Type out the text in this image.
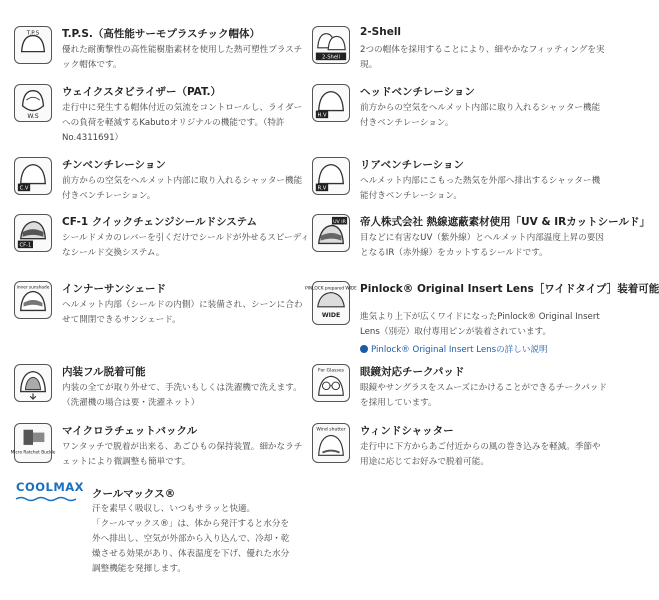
T.P.S T.P.S.（高性能サーモプラスチック帽体）
優れた耐衝撃性の高性能樹脂素材を使用した熱可塑性プラスチック帽体です。
W.S
ウェイクスタビライザー（PAT.）
走行中に発生する帽体付近の気流をコントロールし、ライダーへの負荷を軽減するKabutoオリジナルの機能です。（特許No.4311691）
C.V
チンベンチレーション
前方からの空気をヘルメット内部に取り入れるシャッター機能付きベンチレーション。
CF-1
CF-1 クイックチェンジシールドシステム
シールドメカのレバーを引くだけでシールドが外せるスピーディなシールド交換システム。
inner sunshade インナーサンシェード
ヘルメット内部（シールドの内側）に装備され、シーンに合わせて開閉できるサンシェード。
内装フル脱着可能
内装の全てが取り外せて、手洗いもしくは洗濯機で洗えます。（洗濯機の場合は要・洗濯ネット）
Micro Ratchet Buckle
マイクロラチェットバックル
ワンタッチで脱着が出来る、あごひもの保持装置。細かなラチェットにより微調整も簡単です。
2-Shell
2-Shell
2つの帽体を採用することにより、細やかなフィッティングを実現。
H.V
ヘッドベンチレーション
前方からの空気をヘルメット内部に取り入れるシャッター機能付きベンチレーション。
R.V
リアベンチレーション
ヘルメット内部にこもった熱気を外部へ排出するシャッター機能付きベンチレーション。
UV IR 帝人株式会社 熱線遮蔽素材使用「UV & IRカットシールド」
目などに有害なUV（紫外線）とヘルメット内部温度上昇の要因となるIR（赤外線）をカットするシールドです。
PINLOCK prepared WIDE
WIDE
Pinlock® Original Insert Lens［ワイドタイプ］装着可能
進気より上下が広くワイドになったPinlock® Original Insert Lens（別売）取付専用ピンが装着されています。
Pinlock® Original Insert Lensの詳しい説明
For Glasses 眼鏡対応チークパッド
眼鏡やサングラスをスムーズにかけることができるチークパッドを採用しています。
Wind shutter ウィンドシャッター
走行中に下方からあご付近からの風の巻き込みを軽減。季節や用途に応じてお好みで脱着可能。
COOLMAX クールマックス®
汗を素早く吸収し、いつもサラッと快適。
「クールマックス®」は、体から発汗すると水分を外へ排出し、空気が外部から入り込んで、冷却・乾燥させる効果があり、体表温度を下げ、優れた水分調整機能を発揮します。
